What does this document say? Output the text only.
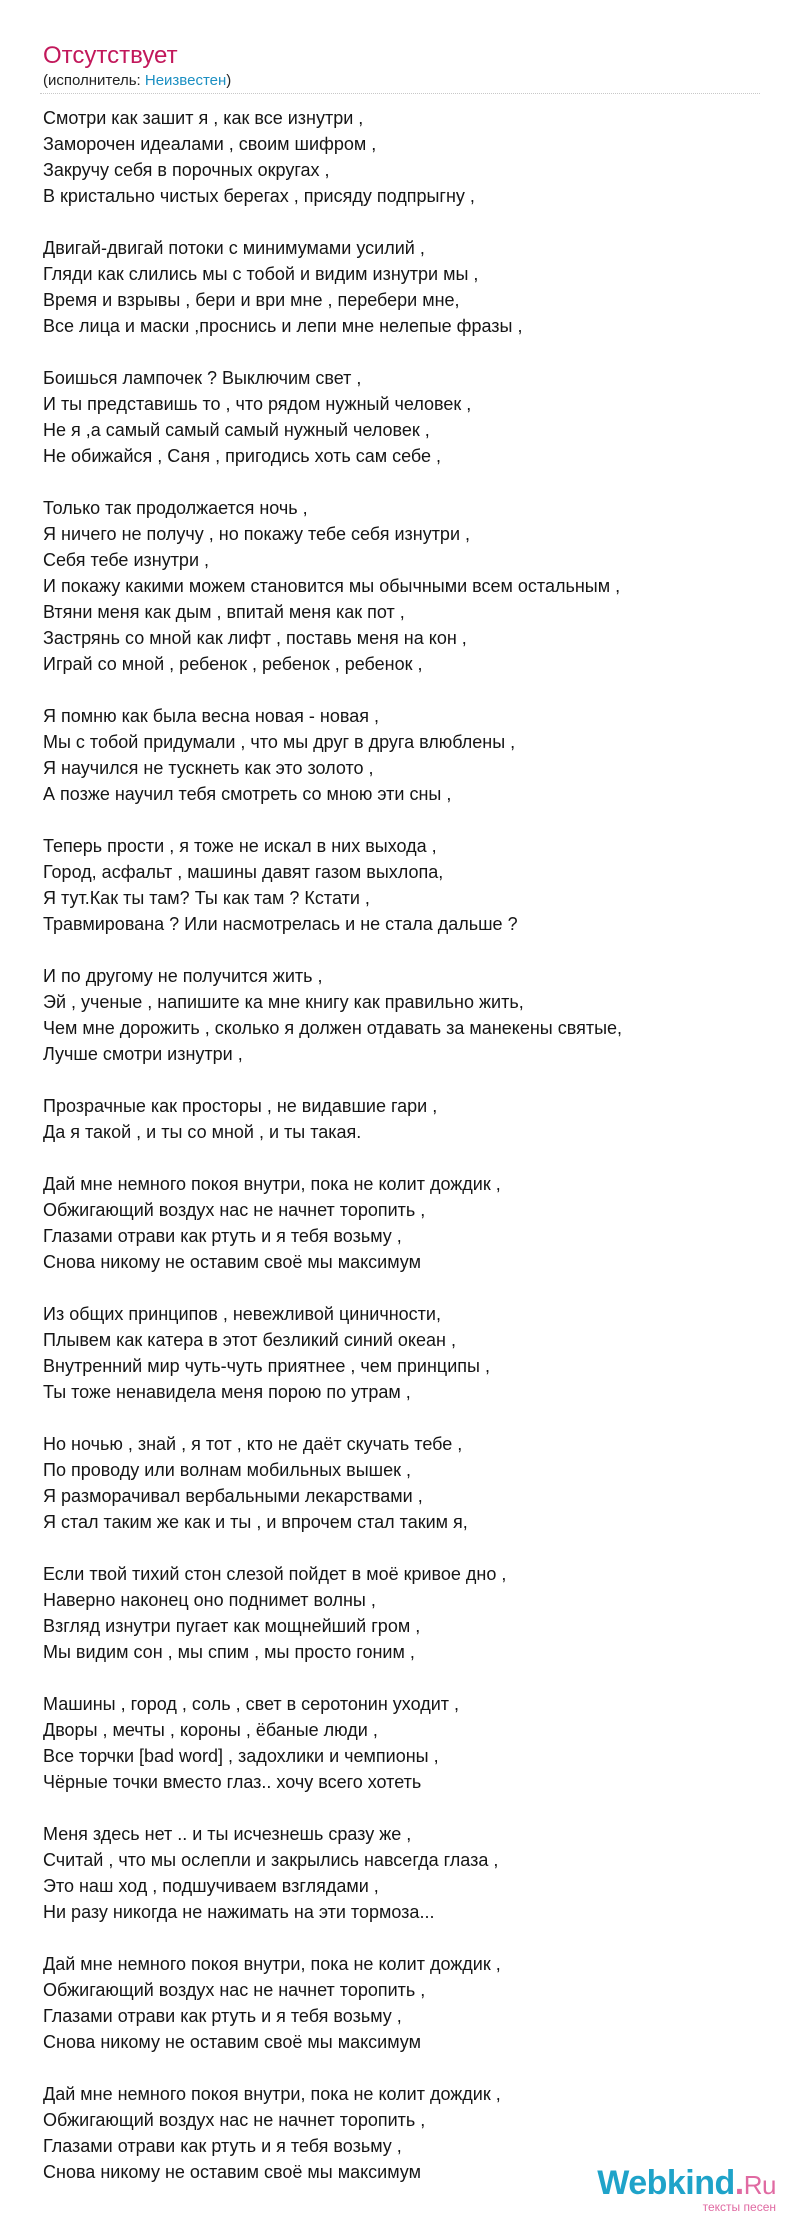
Отсутствует
(исполнитель: Неизвестен)
Смотри как зашит я , как все изнутри ,
Заморочен идеалами , своим шифром ,
Закручу себя в порочных округах ,
В кристально чистых берегах , присяду подпрыгну ,
Двигай-двигай потоки с минимумами усилий ,
Гляди как слились мы с тобой и видим изнутри мы ,
Время и взрывы , бери и ври мне , перебери мне,
Все лица и маски ,проснись и лепи мне нелепые фразы ,
Боишься лампочек ? Выключим свет ,
И ты представишь то , что рядом нужный человек ,
Не я ,а самый самый самый нужный человек ,
Не обижайся , Саня , пригодись хоть сам себе ,
Только так продолжается ночь ,
Я ничего не получу , но покажу тебе себя изнутри ,
Себя тебе изнутри ,
И покажу какими можем становится мы обычными всем остальным ,
Втяни меня как дым , впитай меня как пот ,
Застрянь со мной как лифт , поставь меня на кон ,
Играй со мной , ребенок , ребенок , ребенок ,
Я помню как была весна новая - новая ,
Мы с тобой придумали , что мы друг в друга влюблены ,
Я научился не тускнеть как это золото ,
А позже научил тебя смотреть со мною эти сны ,
Теперь прости , я тоже не искал в них выхода ,
Город, асфальт , машины давят газом выхлопа,
Я тут.Как ты там? Ты как там ? Кстати ,
Травмирована ? Или насмотрелась и не стала дальше ?
И по другому не получится жить ,
Эй , ученые , напишите ка мне книгу как правильно жить,
Чем мне дорожить , сколько я должен отдавать за манекены святые,
Лучше смотри изнутри ,
Прозрачные как просторы , не видавшие гари ,
Да я такой , и ты со мной , и ты такая.
Дай мне немного покоя внутри, пока не колит дождик ,
Обжигающий воздух нас не начнет торопить ,
Глазами отрави как ртуть и я тебя возьму ,
Снова никому не оставим своё мы максимум
Из общих принципов , невежливой циничности,
Плывем как катера в этот безликий синий океан ,
Внутренний мир чуть-чуть приятнее , чем принципы ,
Ты тоже ненавидела меня порою по утрам ,
Но ночью , знай , я тот , кто не даёт скучать тебе ,
По проводу или волнам мобильных вышек ,
Я разморачивал вербальными лекарствами ,
Я стал таким же как и ты , и впрочем стал таким я,
Если твой тихий стон слезой пойдет в моё кривое дно ,
Наверно наконец оно поднимет волны ,
Взгляд изнутри пугает как мощнейший гром ,
Мы видим сон , мы спим , мы просто гоним ,
Машины , город , соль , свет в серотонин уходит ,
Дворы , мечты , короны , ёбаные люди ,
Все торчки [bad word] , задохлики и чемпионы ,
Чёрные точки вместо глаз.. хочу всего хотеть
Меня здесь нет .. и ты исчезнешь сразу же ,
Считай , что мы ослепли и закрылись навсегда глаза ,
Это наш ход , подшучиваем взглядами ,
Ни разу никогда не нажимать на эти тормоза...
Дай мне немного покоя внутри, пока не колит дождик ,
Обжигающий воздух нас не начнет торопить ,
Глазами отрави как ртуть и я тебя возьму ,
Снова никому не оставим своё мы максимум
Дай мне немного покоя внутри, пока не колит дождик ,
Обжигающий воздух нас не начнет торопить ,
Глазами отрави как ртуть и я тебя возьму ,
Снова никому не оставим своё мы максимум	Webkind.Ru
тексты песен
